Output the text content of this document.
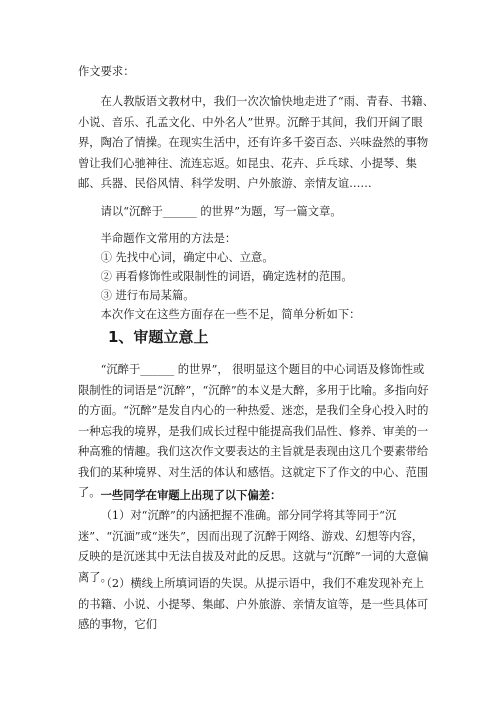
作文要求：

在人教版语文教材中，我们一次次愉快地走进了“雨、青春、书籍、小说、音乐、孔孟文化、中外名人”世界。沉醉于其间，我们开阔了眼界，陶冶了情操。在现实生活中，还有许多千姿百态、兴味盎然的事物曾让我们心驰神往、流连忘返。如昆虫、花卉、乒乓球、小提琴、集邮、兵器、民俗风情、科学发明、户外旅游、亲情友谊……

请以“沉醉于______ 的世界”为题，写一篇文章。

半命题作文常用的方法是：

① 先找中心词，确定中心、立意。

② 再看修饰性或限制性的词语，确定选材的范围。

③ 进行布局某篇。

本次作文在这些方面存在一些不足，简单分析如下：

1、审题立意上

“沉醉于______ 的世界”， 很明显这个题目的中心词语及修饰性或限制性的词语是“沉醉”，“沉醉”的本义是大醉，多用于比喻。多指向好的方面。“沉醉”是发自内心的一种热爱、迷恋，是我们全身心投入时的一种忘我的境界，是我们成长过程中能提高我们品性、修养、审美的一种高雅的情趣。我们这次作文要表达的主旨就是表现由这几个要素带给我们的某种境界、对生活的体认和感悟。这就定下了作文的中心、范围了。 一些同学在审题上出现了以下偏差：

（1）对“沉醉”的内涵把握不准确。部分同学将其等同于“沉迷”、“沉湎”或“迷失”，因而出现了沉醉于网络、游戏、幻想等内容，反映的是沉迷其中无法自拔及对此的反思。这就与“沉醉”一词的大意偏离了。

（2）横线上所填词语的失误。从提示语中，我们不难发现补充上的书籍、小说、小提琴、集邮、户外旅游、亲情友谊等，是一些具体可感的事物，它们
